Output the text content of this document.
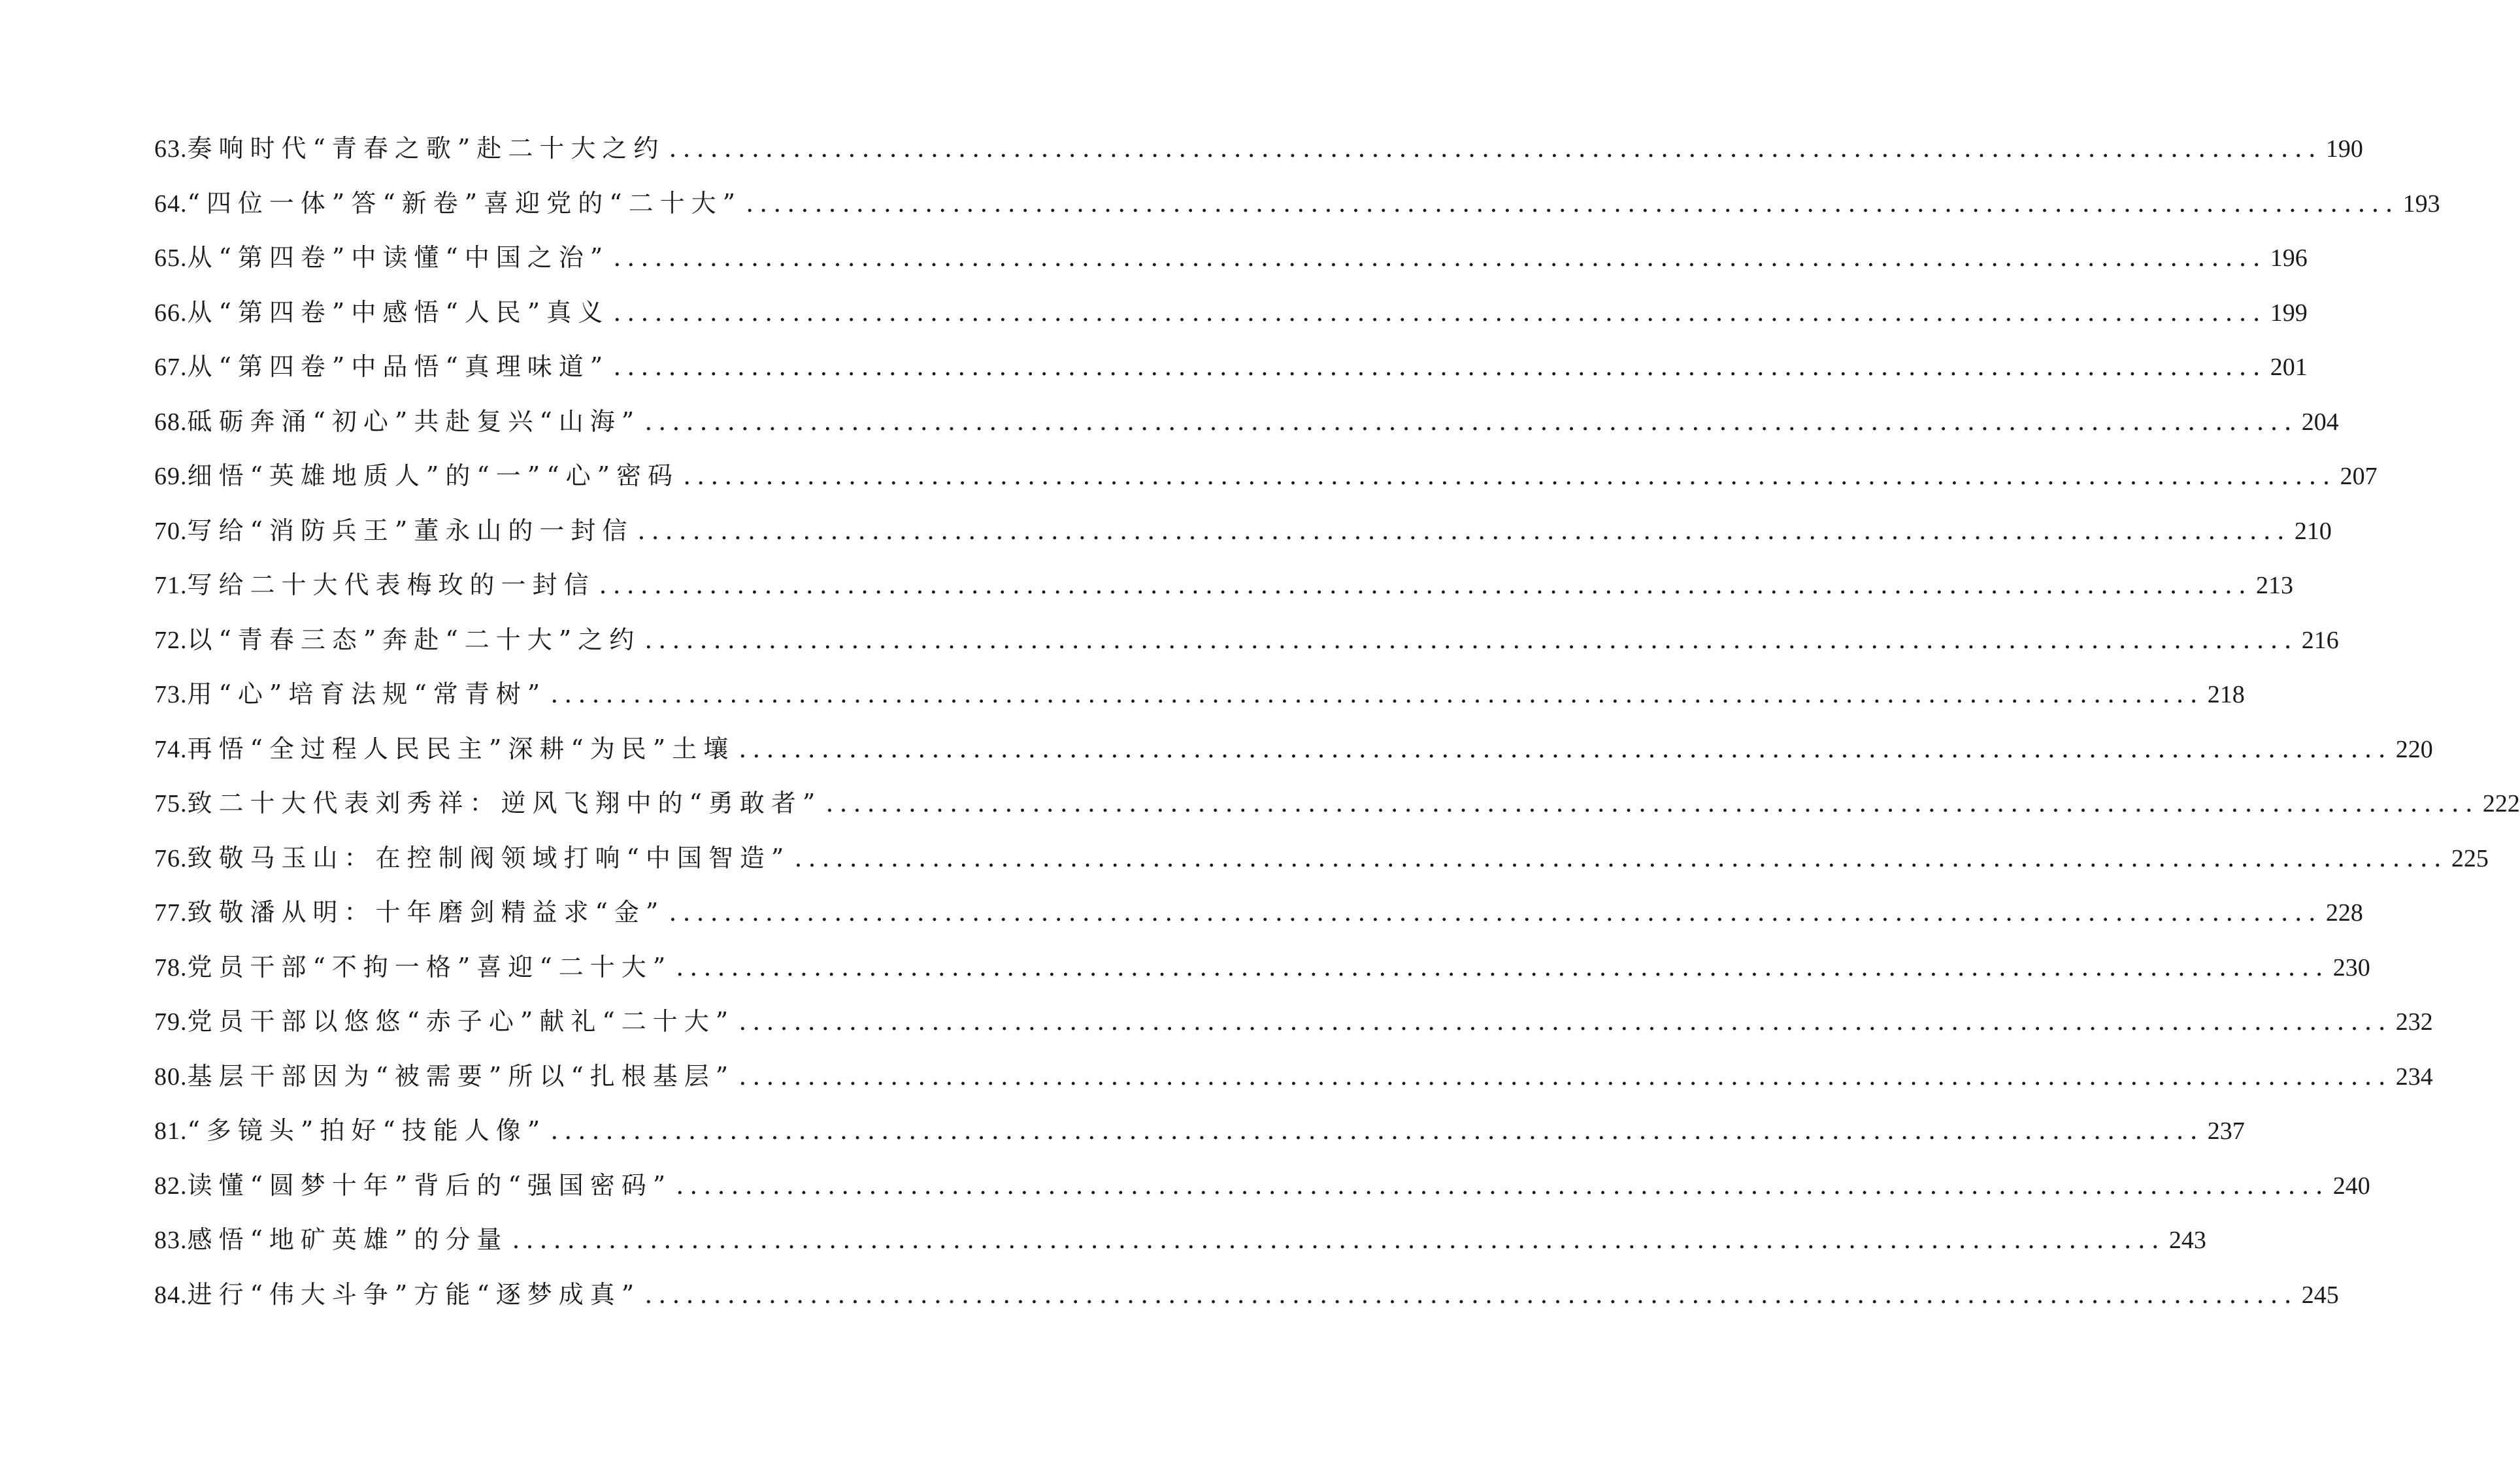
63. 奏响时代“青春之歌”赴二十大之约 .....	190
64. “四位一体”答“新卷”喜迎党的“二十大” .....	193
65. 从“第四卷”中读懂“中国之治” .....	196
66. 从“第四卷”中感悟“人民”真义 .....	199
67. 从“第四卷”中品悟“真理味道” .....	201
68. 砥砺奔涌“初心”共赴复兴“山海” .....	204
69. 细悟“英雄地质人”的“一”“心”密码 .....	207
70. 写给“消防兵王”董永山的一封信 .....	210
71. 写给二十大代表梅玫的一封信 .....	213
72. 以“青春三态”奔赴“二十大”之约 .....	216
73. 用“心”培育法规“常青树” .....	218
74. 再悟“全过程人民民主”深耕“为民”土壤 .....	220
75. 致二十大代表刘秀祥：逆风飞翔中的“勇敢者” .....	222
76. 致敬马玉山：在控制阀领域打响“中国智造” .....	225
77. 致敬潘从明：十年磨剑精益求“金” .....	228
78. 党员干部“不拘一格”喜迎“二十大” .....	230
79. 党员干部以悠悠“赤子心”献礼“二十大” .....	232
80. 基层干部因为“被需要”所以“扎根基层” .....	234
81. “多镜头”拍好“技能人像” .....	237
82. 读懂“圆梦十年”背后的“强国密码” .....	240
83. 感悟“地矿英雄”的分量 .....	243
84. 进行“伟大斗争”方能“逐梦成真” .....	245
